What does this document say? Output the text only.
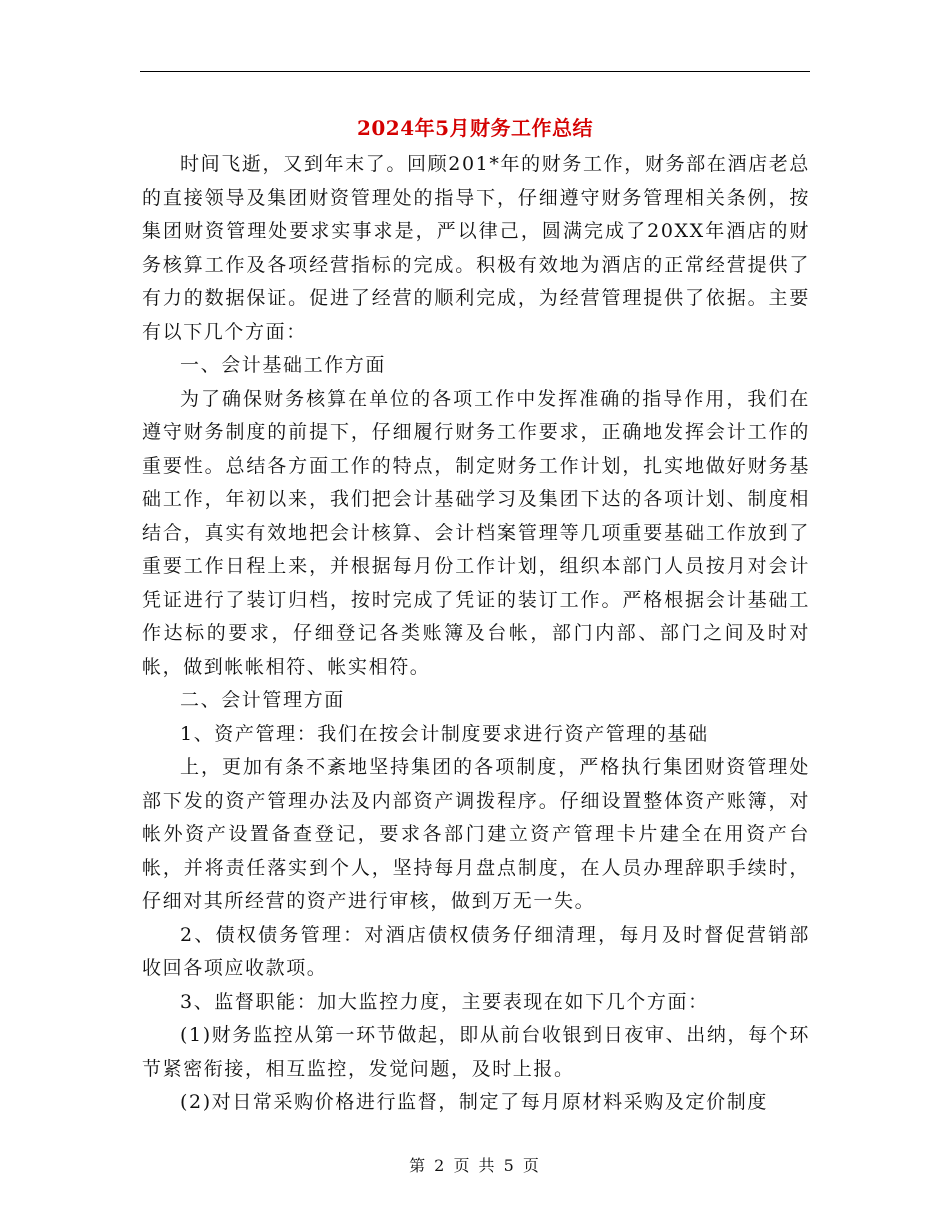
2024年5月财务工作总结

时间飞逝，又到年末了。回顾201*年的财务工作，财务部在酒店老总的直接领导及集团财资管理处的指导下，仔细遵守财务管理相关条例，按集团财资管理处要求实事求是，严以律己，圆满完成了20XX年酒店的财务核算工作及各项经营指标的完成。积极有效地为酒店的正常经营提供了有力的数据保证。促进了经营的顺利完成，为经营管理提供了依据。主要有以下几个方面：

一、会计基础工作方面

为了确保财务核算在单位的各项工作中发挥准确的指导作用，我们在遵守财务制度的前提下，仔细履行财务工作要求，正确地发挥会计工作的重要性。总结各方面工作的特点，制定财务工作计划，扎实地做好财务基础工作，年初以来，我们把会计基础学习及集团下达的各项计划、制度相结合，真实有效地把会计核算、会计档案管理等几项重要基础工作放到了重要工作日程上来，并根据每月份工作计划，组织本部门人员按月对会计凭证进行了装订归档，按时完成了凭证的装订工作。严格根据会计基础工作达标的要求，仔细登记各类账簿及台帐，部门内部、部门之间及时对帐，做到帐帐相符、帐实相符。

二、会计管理方面

1、资产管理：我们在按会计制度要求进行资产管理的基础

上，更加有条不紊地坚持集团的各项制度，严格执行集团财资管理处部下发的资产管理办法及内部资产调拨程序。仔细设置整体资产账簿，对帐外资产设置备查登记，要求各部门建立资产管理卡片建全在用资产台帐，并将责任落实到个人，坚持每月盘点制度，在人员办理辞职手续时，仔细对其所经营的资产进行审核，做到万无一失。

2、债权债务管理：对酒店债权债务仔细清理，每月及时督促营销部收回各项应收款项。

3、监督职能：加大监控力度，主要表现在如下几个方面：

(1)财务监控从第一环节做起，即从前台收银到日夜审、出纳，每个环节紧密衔接，相互监控，发觉问题，及时上报。

(2)对日常采购价格进行监督，制定了每月原材料采购及定价制度

第 2 页 共 5 页
